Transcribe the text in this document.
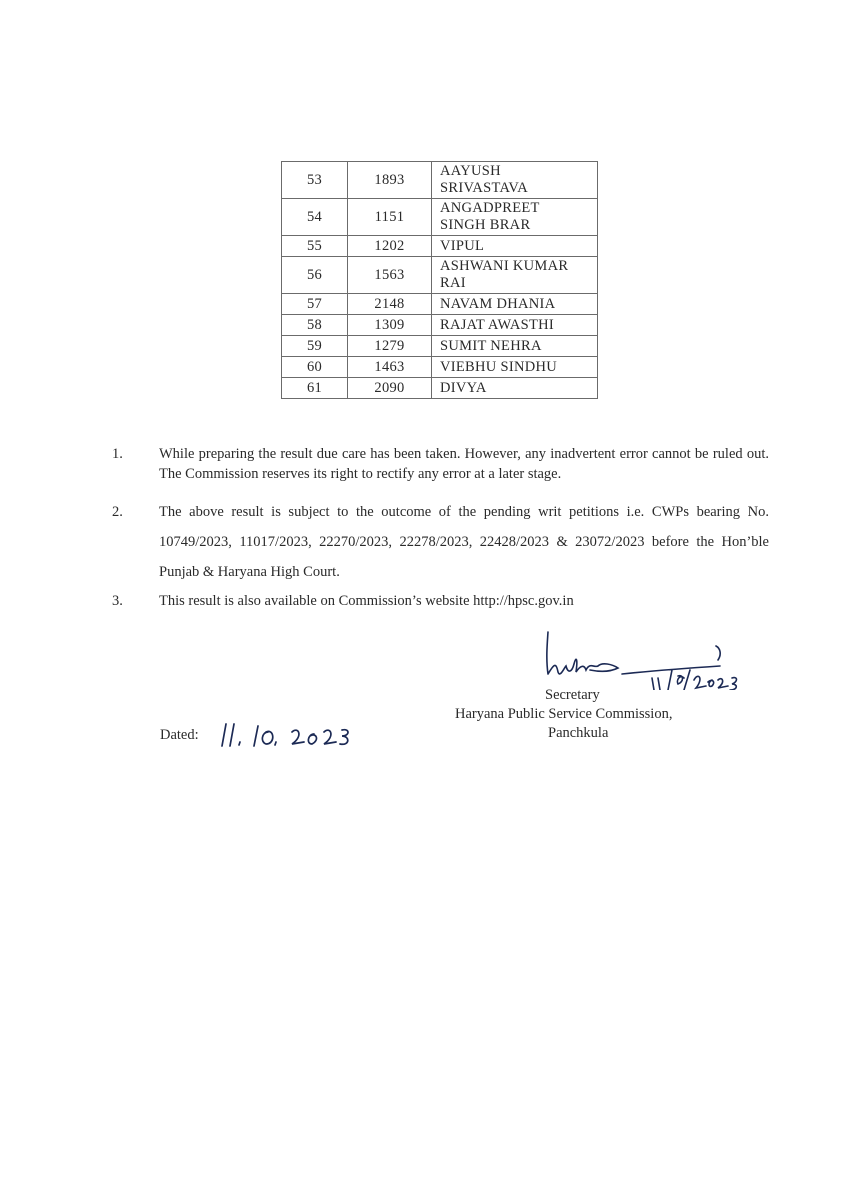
53	1893	AAYUSH
SRIVASTAVA

54	1151	ANGADPREET
SINGH BRAR

55	1202	VIPUL

56	1563	ASHWANI KUMAR
RAI

57	2148	NAVAM DHANIA

58	1309	RAJAT AWASTHI

59	1279	SUMIT NEHRA

60	1463	VIEBHU SINDHU

61	2090	DIVYA
1.	While preparing the result due care has been taken. However, any inadvertent error cannot be ruled out. The Commission reserves its right to rectify any error at a later stage.
2.	The above result is subject to the outcome of the pending writ petitions i.e. CWPs bearing No. 10749/2023, 11017/2023, 22270/2023, 22278/2023, 22428/2023 & 23072/2023 before the Hon’ble Punjab & Haryana High Court.
3.	This result is also available on Commission’s website http://hpsc.gov.in
Secretary
Haryana Public Service Commission,
Panchkula
Dated:
